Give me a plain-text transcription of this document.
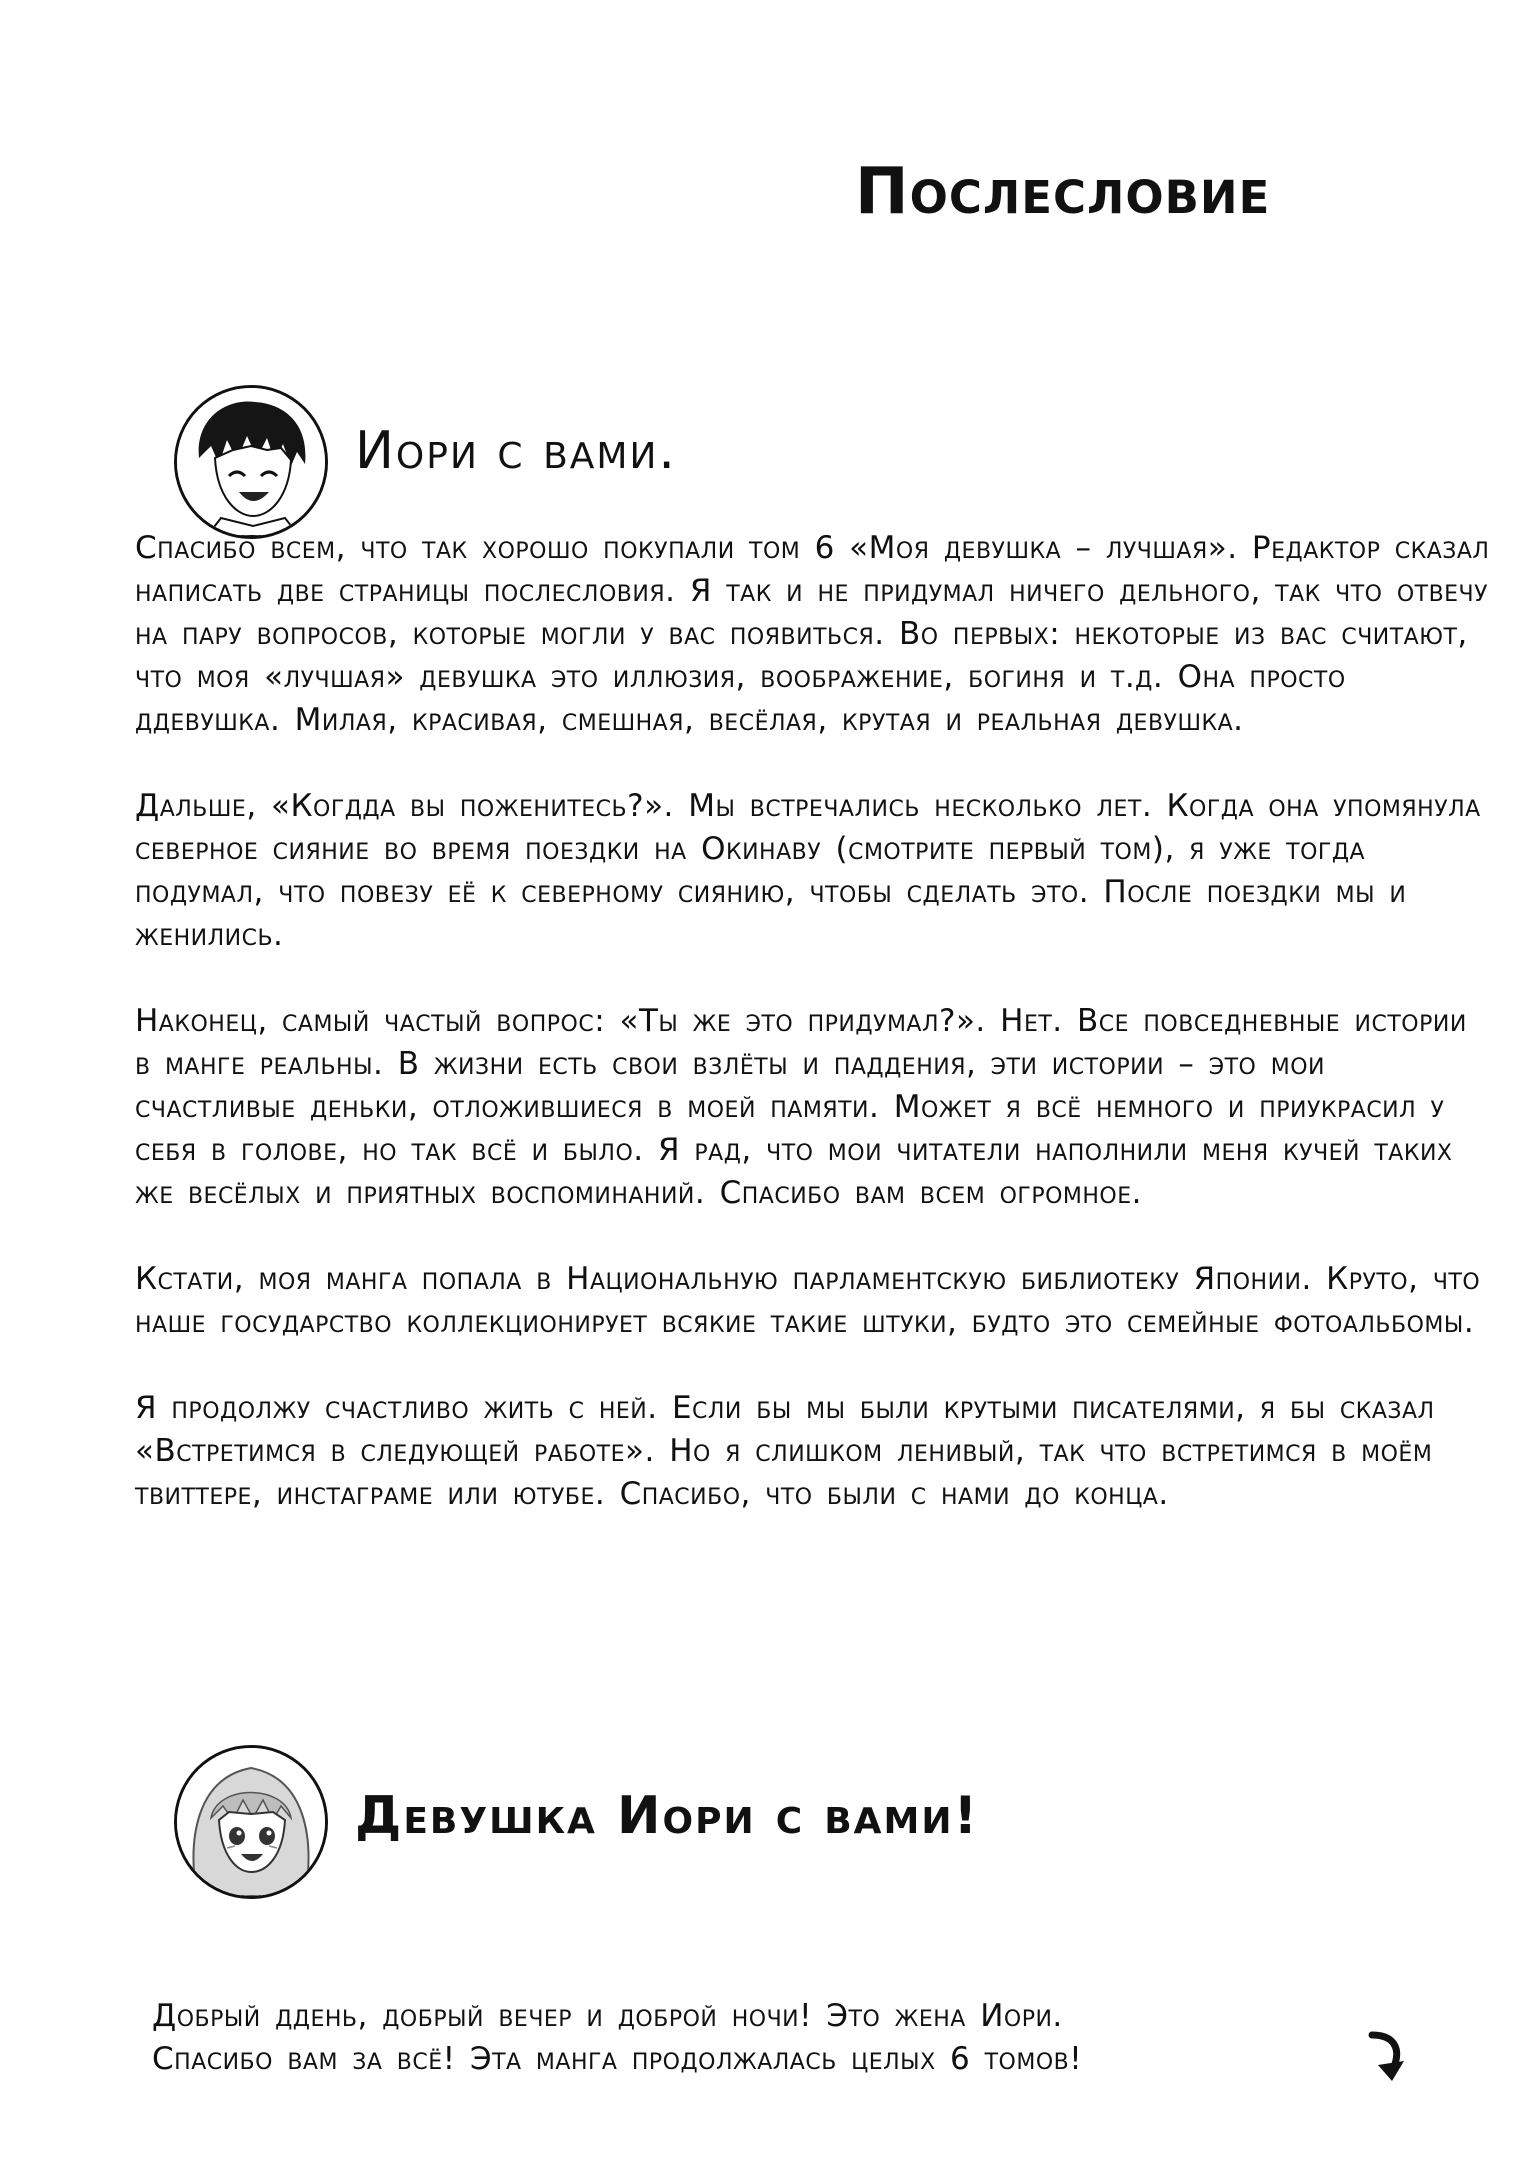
Послесловие
Иори с вами.

Спасибо всем, что так хорошо покупали том 6 «Моя девушка – лучшая». Редактор сказал написать две страницы послесловия. Я так и не придумал ничего дельного, так что отвечу на пару вопросов, которые могли у вас появиться. Во первых: некоторые из вас считают, что моя «лучшая» девушка это иллюзия, воображение, богиня и т.д. Она просто ддевушка. Милая, красивая, смешная, весёлая, крутая и реальная девушка.

Дальше, «Когдда вы поженитесь?». Мы встречались несколько лет. Когда она упомянула северное сияние во время поездки на Окинаву (смотрите первый том), я уже тогда подумал, что повезу её к северному сиянию, чтобы сделать это. После поездки мы и женились.

Наконец, самый частый вопрос: «Ты же это придумал?». Нет. Все повседневные истории в манге реальны. В жизни есть свои взлёты и паддения, эти истории – это мои счастливые деньки, отложившиеся в моей памяти. Может я всё немного и приукрасил у себя в голове, но так всё и было. Я рад, что мои читатели наполнили меня кучей таких же весёлых и приятных воспоминаний. Спасибо вам всем огромное.

Кстати, моя манга попала в Национальную парламентскую библиотеку Японии. Круто, что наше государство коллекционирует всякие такие штуки, будто это семейные фотоальбомы.

Я продолжу счастливо жить с ней. Если бы мы были крутыми писателями, я бы сказал «Встретимся в следующей работе». Но я слишком ленивый, так что встретимся в моём твиттере, инстаграме или ютубе. Спасибо, что были с нами до конца.

Девушка Иори с вами!

Добрый ддень, добрый вечер и доброй ночи! Это жена Иори.

Спасибо вам за всё! Эта манга продолжалась целых 6 томов!
